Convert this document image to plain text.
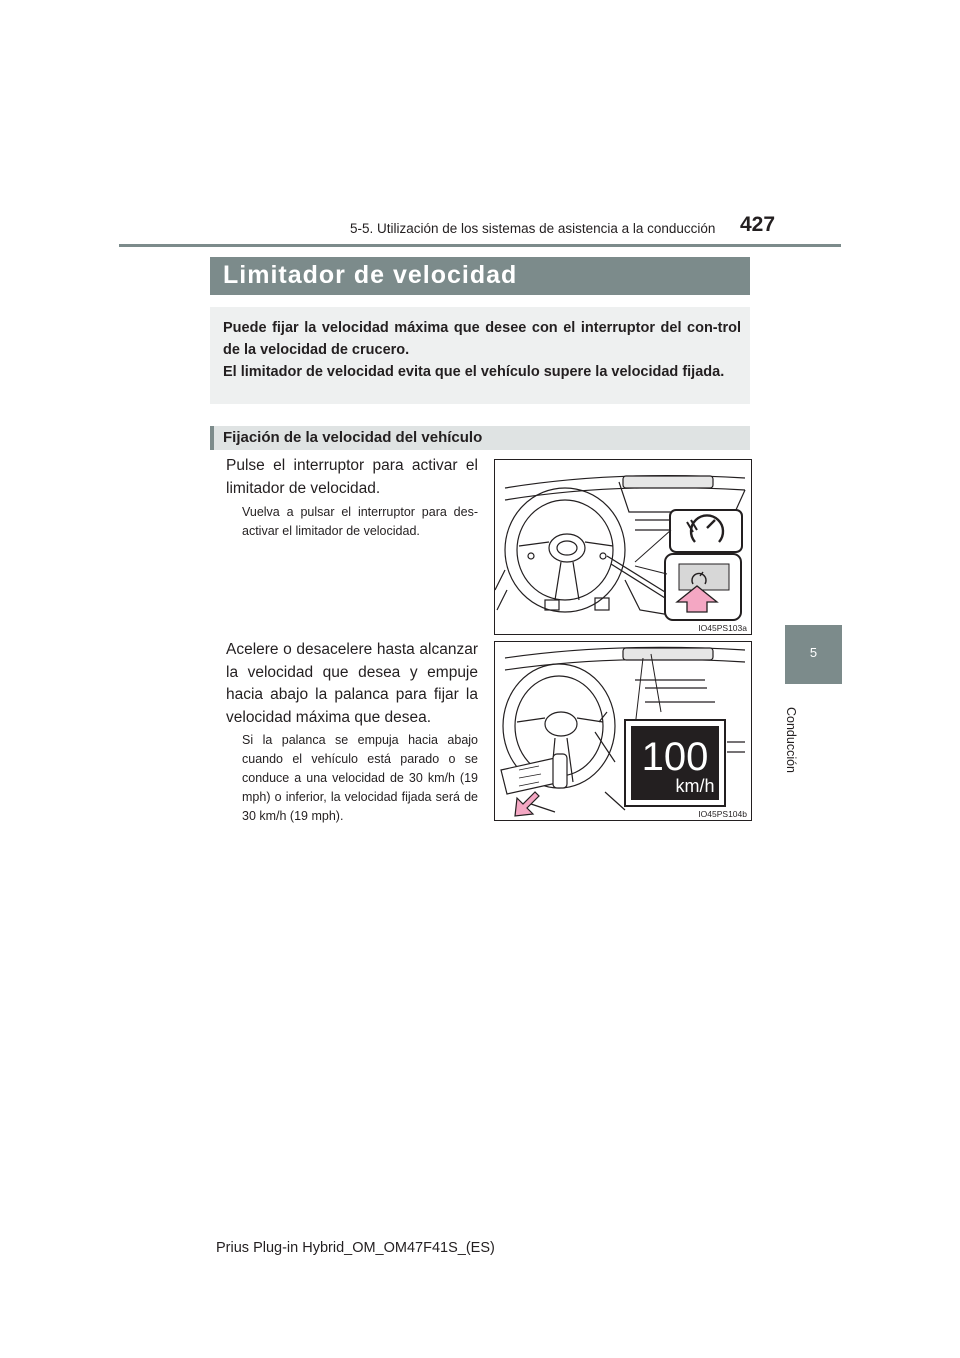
5-5. Utilización de los sistemas de asistencia a la conducción 427
5
Conducción
Limitador de velocidad

Puede fijar la velocidad máxima que desee con el interruptor del con-trol de la velocidad de crucero.
El limitador de velocidad evita que el vehículo supere la velocidad fijada.

Fijación de la velocidad del vehículo

Pulse el interruptor para activar el limitador de velocidad.

Vuelva a pulsar el interruptor para des-activar el limitador de velocidad.

IO45PS103a

Acelere o desacelere hasta alcanzar la velocidad que desea y empuje hacia abajo la palanca para fijar la velocidad máxima que desea.

Si la palanca se empuja hacia abajo cuando el vehículo está parado o se conduce a una velocidad de 30 km/h (19 mph) o inferior, la velocidad fijada será de 30 km/h (19 mph).

100
km/h
IO45PS104b
Prius Plug-in Hybrid_OM_OM47F41S_(ES)
